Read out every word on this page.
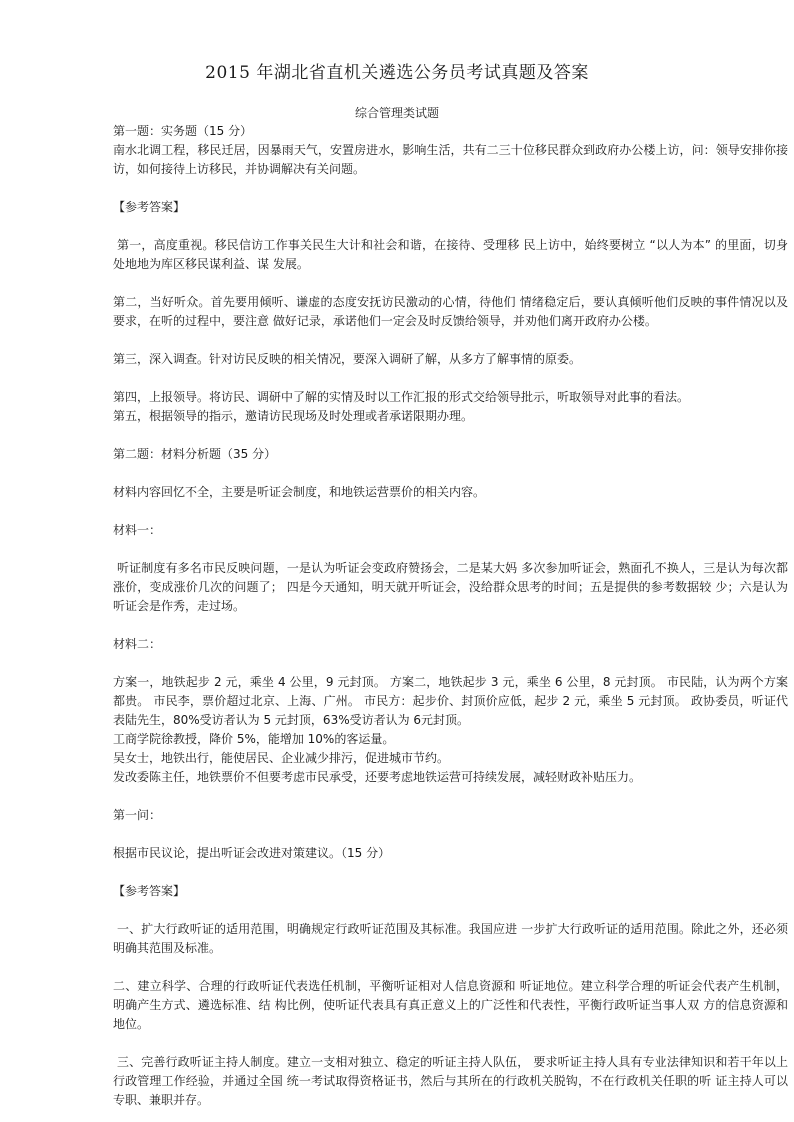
2015 年湖北省直机关遴选公务员考试真题及答案
综合管理类试题

第一题：实务题（15 分）

南水北调工程，移民迁居，因暴雨天气，安置房进水，影响生活，共有二三十位移民群众到政府办公楼上访，问：领导安排你接访，如何接待上访移民，并协调解决有关问题。

【参考答案】

第一，高度重视。移民信访工作事关民生大计和社会和谐，在接待、受理移 民上访中，始终要树立 “以人为本” 的里面，切身处地地为库区移民谋利益、谋 发展。

第二，当好听众。首先要用倾听、谦虚的态度安抚访民激动的心情，待他们 情绪稳定后，要认真倾听他们反映的事件情况以及要求，在听的过程中，要注意 做好记录，承诺他们一定会及时反馈给领导，并劝他们离开政府办公楼。

第三，深入调查。针对访民反映的相关情况，要深入调研了解，从多方了解事情的原委。

第四，上报领导。将访民、调研中了解的实情及时以工作汇报的形式交给领导批示，听取领导对此事的看法。

第五，根据领导的指示，邀请访民现场及时处理或者承诺限期办理。

第二题：材料分析题（35 分）

材料内容回忆不全，主要是听证会制度，和地铁运营票价的相关内容。

材料一：

听证制度有多名市民反映问题，一是认为听证会变政府赞扬会，二是某大妈 多次参加听证会，熟面孔不换人，三是认为每次都涨价，变成涨价几次的问题了； 四是今天通知，明天就开听证会，没给群众思考的时间；五是提供的参考数据较 少；六是认为听证会是作秀，走过场。

材料二：

方案一，地铁起步 2 元，乘坐 4 公里，9 元封顶。 方案二，地铁起步 3 元，乘坐 6 公里，8 元封顶。 市民陆，认为两个方案都贵。 市民李，票价超过北京、上海、广州。 市民方：起步价、封顶价应低，起步 2 元，乘坐 5 元封顶。 政协委员，听证代表陆先生，80%受访者认为 5 元封顶，63%受访者认为 6元封顶。

工商学院徐教授，降价 5%，能增加 10%的客运量。

吴女士，地铁出行，能使居民、企业减少排污，促进城市节约。

发改委陈主任，地铁票价不但要考虑市民承受，还要考虑地铁运营可持续发展，减轻财政补贴压力。

第一问：

根据市民议论，提出听证会改进对策建议。（15 分）

【参考答案】

一、扩大行政听证的适用范围，明确规定行政听证范围及其标准。我国应进 一步扩大行政听证的适用范围。除此之外，还必须明确其范围及标准。

二、建立科学、合理的行政听证代表选任机制，平衡听证相对人信息资源和 听证地位。建立科学合理的听证会代表产生机制，明确产生方式、遴选标准、结 构比例，使听证代表具有真正意义上的广泛性和代表性，平衡行政听证当事人双 方的信息资源和地位。

三、完善行政听证主持人制度。建立一支相对独立、稳定的听证主持人队伍， 要求听证主持人具有专业法律知识和若干年以上行政管理工作经验，并通过全国 统一考试取得资格证书，然后与其所在的行政机关脱钩，不在行政机关任职的听 证主持人可以专职、兼职并存。
